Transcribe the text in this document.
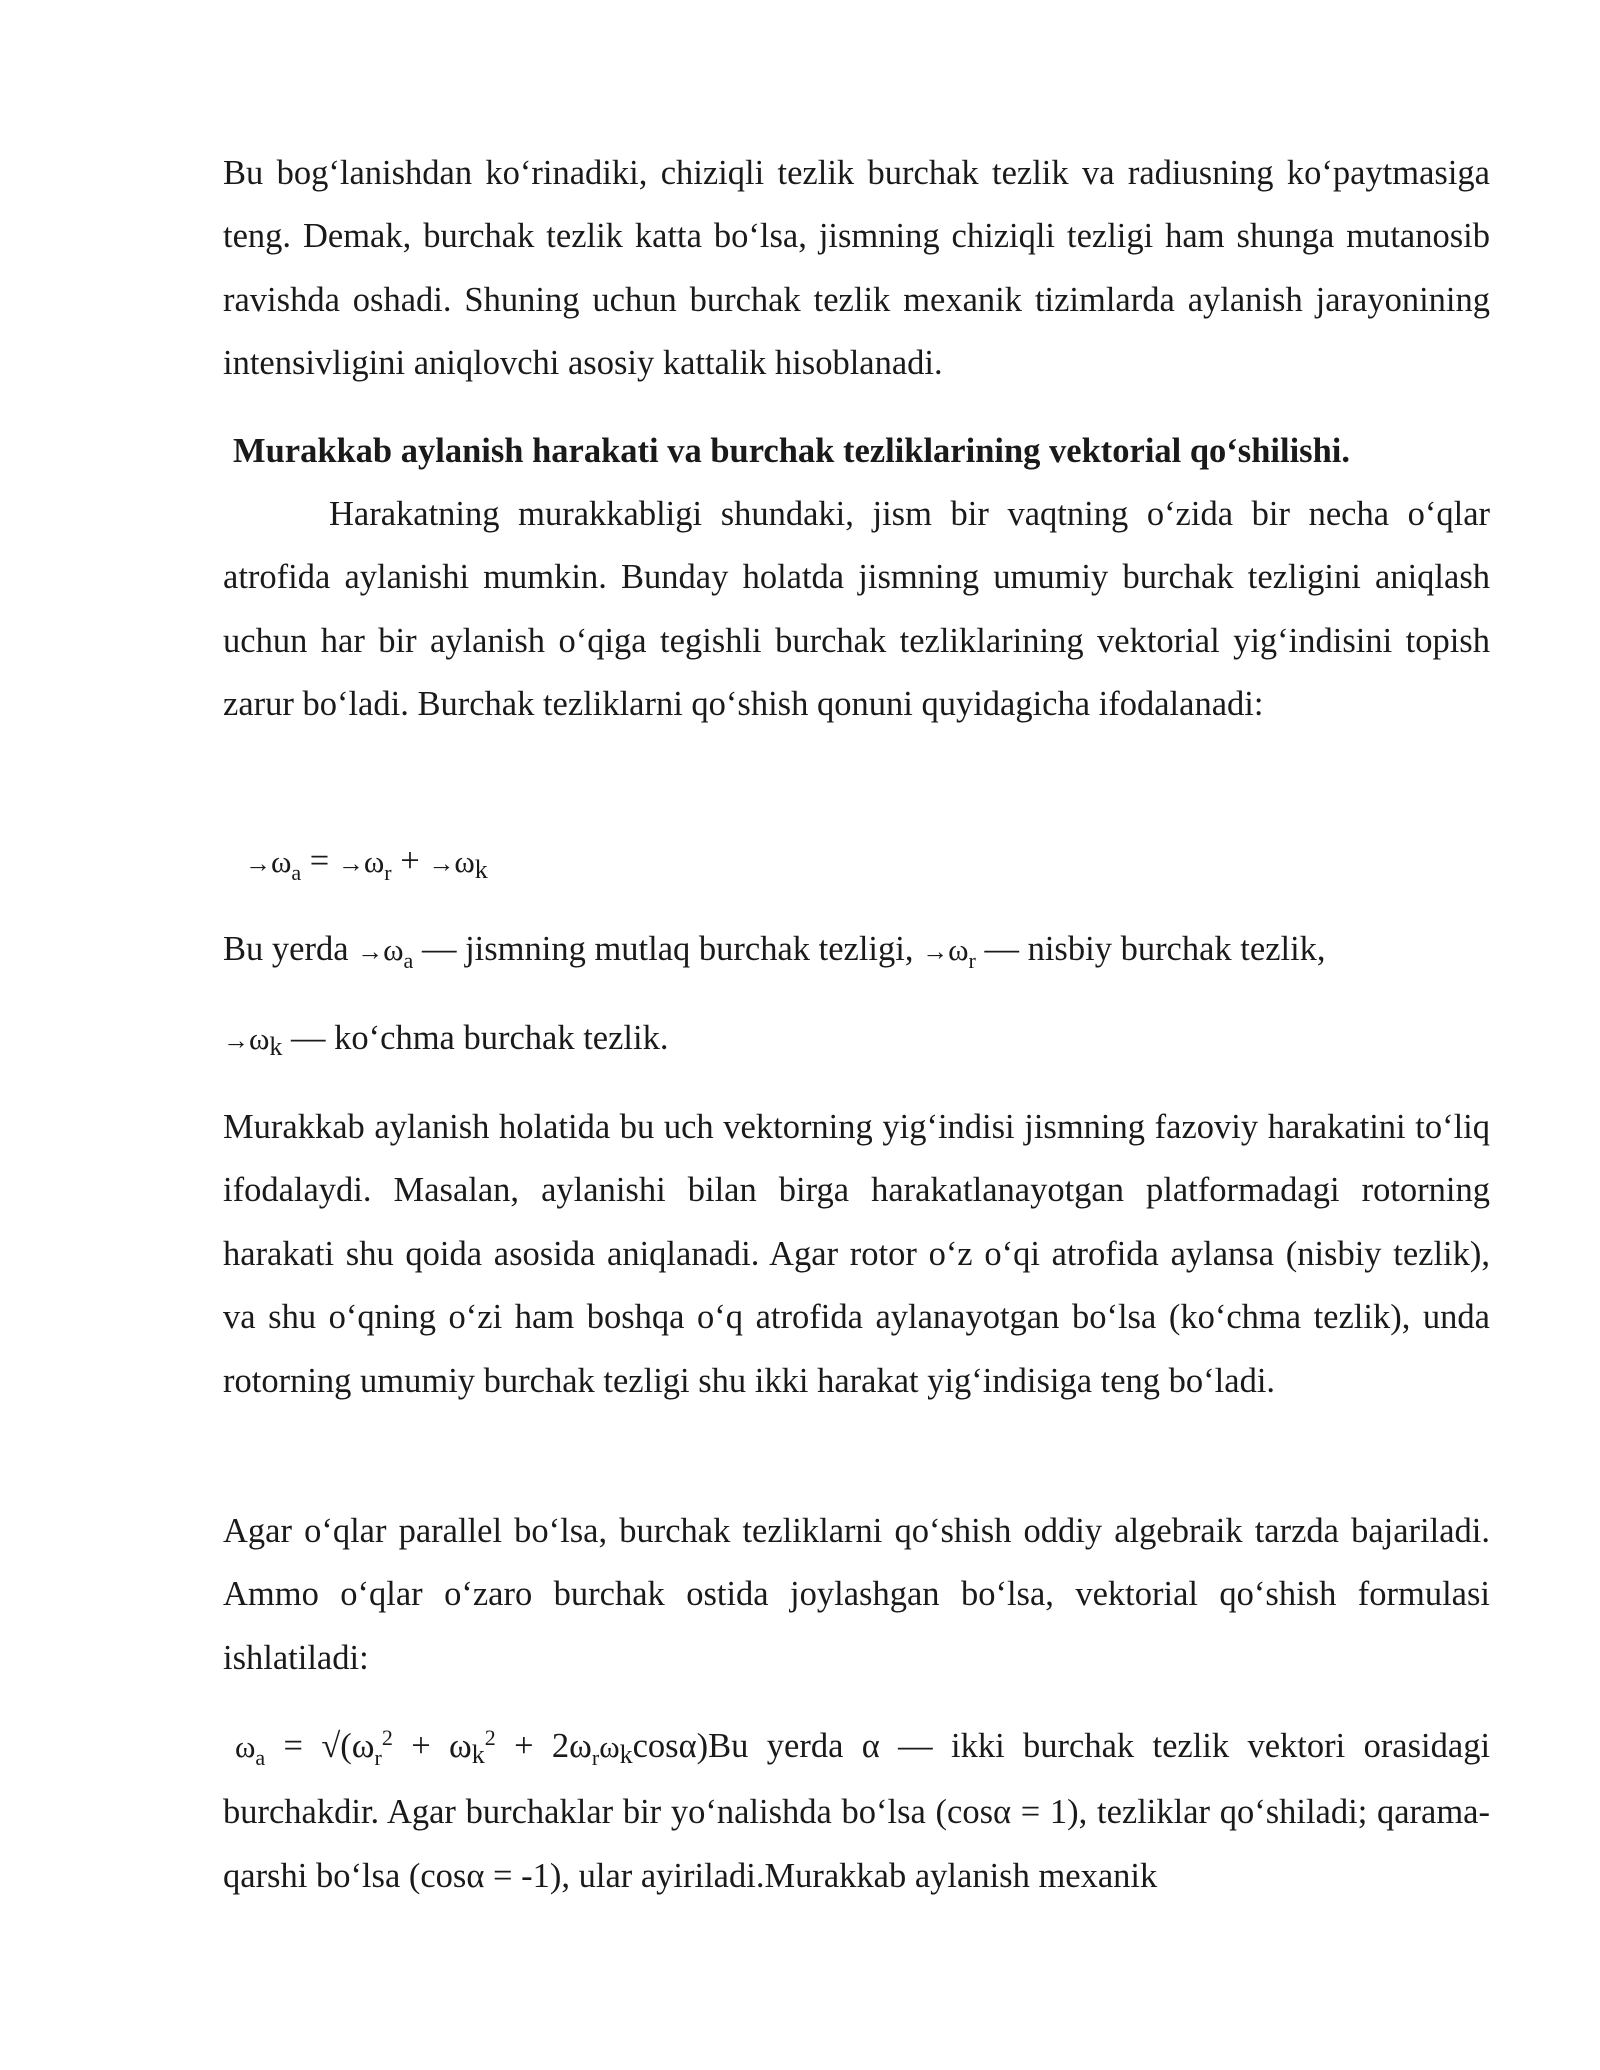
Bu bog‘lanishdan ko‘rinadiki, chiziqli tezlik burchak tezlik va radiusning ko‘paytmasiga teng. Demak, burchak tezlik katta bo‘lsa, jismning chiziqli tezligi ham shunga mutanosib ravishda oshadi. Shuning uchun burchak tezlik mexanik tizimlarda aylanish jarayonining intensivligini aniqlovchi asosiy kattalik hisoblanadi.

Murakkab aylanish harakati va burchak tezliklarining vektorial qo‘shilishi.

Harakatning murakkabligi shundaki, jism bir vaqtning o‘zida bir necha o‘qlar atrofida aylanishi mumkin. Bunday holatda jismning umumiy burchak tezligini aniqlash uchun har bir aylanish o‘qiga tegishli burchak tezliklarining vektorial yig‘indisini topish zarur bo‘ladi. Burchak tezliklarni qo‘shish qonuni quyidagicha ifodalanadi:

$\to\omega_a = \to\omega_r + \to\omega k$
Bu yerda $\to\omega_a$ — jismning mutlaq burchak tezligi, $\to\omega_r$ — nisbiy burchak tezlik,
→ωk — ko‘chma burchak tezlik.

Murakkab aylanish holatida bu uch vektorning yig‘indisi jismning fazoviy harakatini to‘liq ifodalaydi. Masalan, aylanishi bilan birga harakatlanayotgan platformadagi rotorning harakati shu qoida asosida aniqlanadi. Agar rotor o‘z o‘qi atrofida aylansa (nisbiy tezlik), va shu o‘qning o‘zi ham boshqa o‘q atrofida aylanayotgan bo‘lsa (ko‘chma tezlik), unda rotorning umumiy burchak tezligi shu ikki harakat yig‘indisiga teng bo‘ladi.

Agar o‘qlar parallel bo‘lsa, burchak tezliklarni qo‘shish oddiy algebraik tarzda bajariladi. Ammo o‘qlar o‘zaro burchak ostida joylashgan bo‘lsa, vektorial qo‘shish formulasi ishlatiladi:

$\omega_a = √(\omega_r^2 + \omega k^2 + 2\omega_r\omega kcos\alpha)Bu$ yerda α — ikki burchak tezlik vektori orasidagi burchakdir. Agar burchaklar bir yo‘nalishda bo‘lsa (cosα = 1), tezliklar qo‘shiladi; qarama-qarshi bo‘lsa (cosα = -1), ular ayiriladi.Murakkab aylanish mexanik
